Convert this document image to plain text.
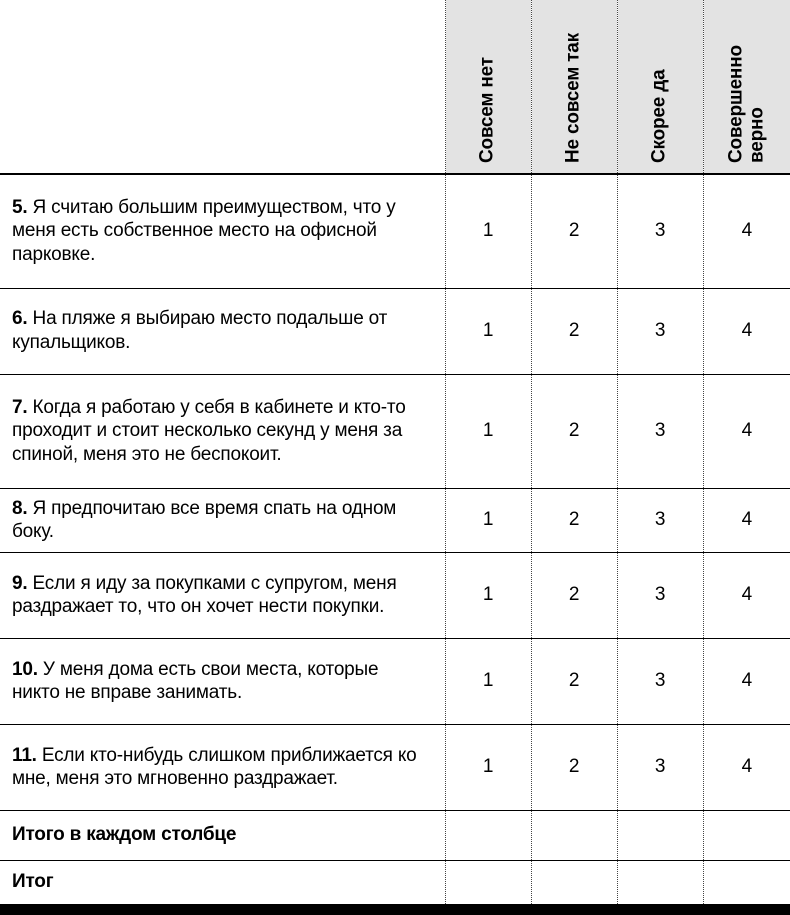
	Совсем нет	Не совсем так	Скорее да	Совершенно верно

5. Я считаю большим преимуществом, что у меня есть собственное место на офисной парковке.	1	2	3	4
6. На пляже я выбираю место подальше от купальщиков.	1	2	3	4
7. Когда я работаю у себя в кабинете и кто-то проходит и стоит несколько секунд у меня за спиной, меня это не беспокоит.	1	2	3	4
8. Я предпочитаю все время спать на одном боку.	1	2	3	4
9. Если я иду за покупками с супругом, меня раздражает то, что он хочет нести покупки.	1	2	3	4
10. У меня дома есть свои места, которые никто не вправе занимать.	1	2	3	4
11. Если кто-нибудь слишком приближается ко мне, меня это мгновенно раздражает.	1	2	3	4
Итого в каждом столбце				
Итог				
